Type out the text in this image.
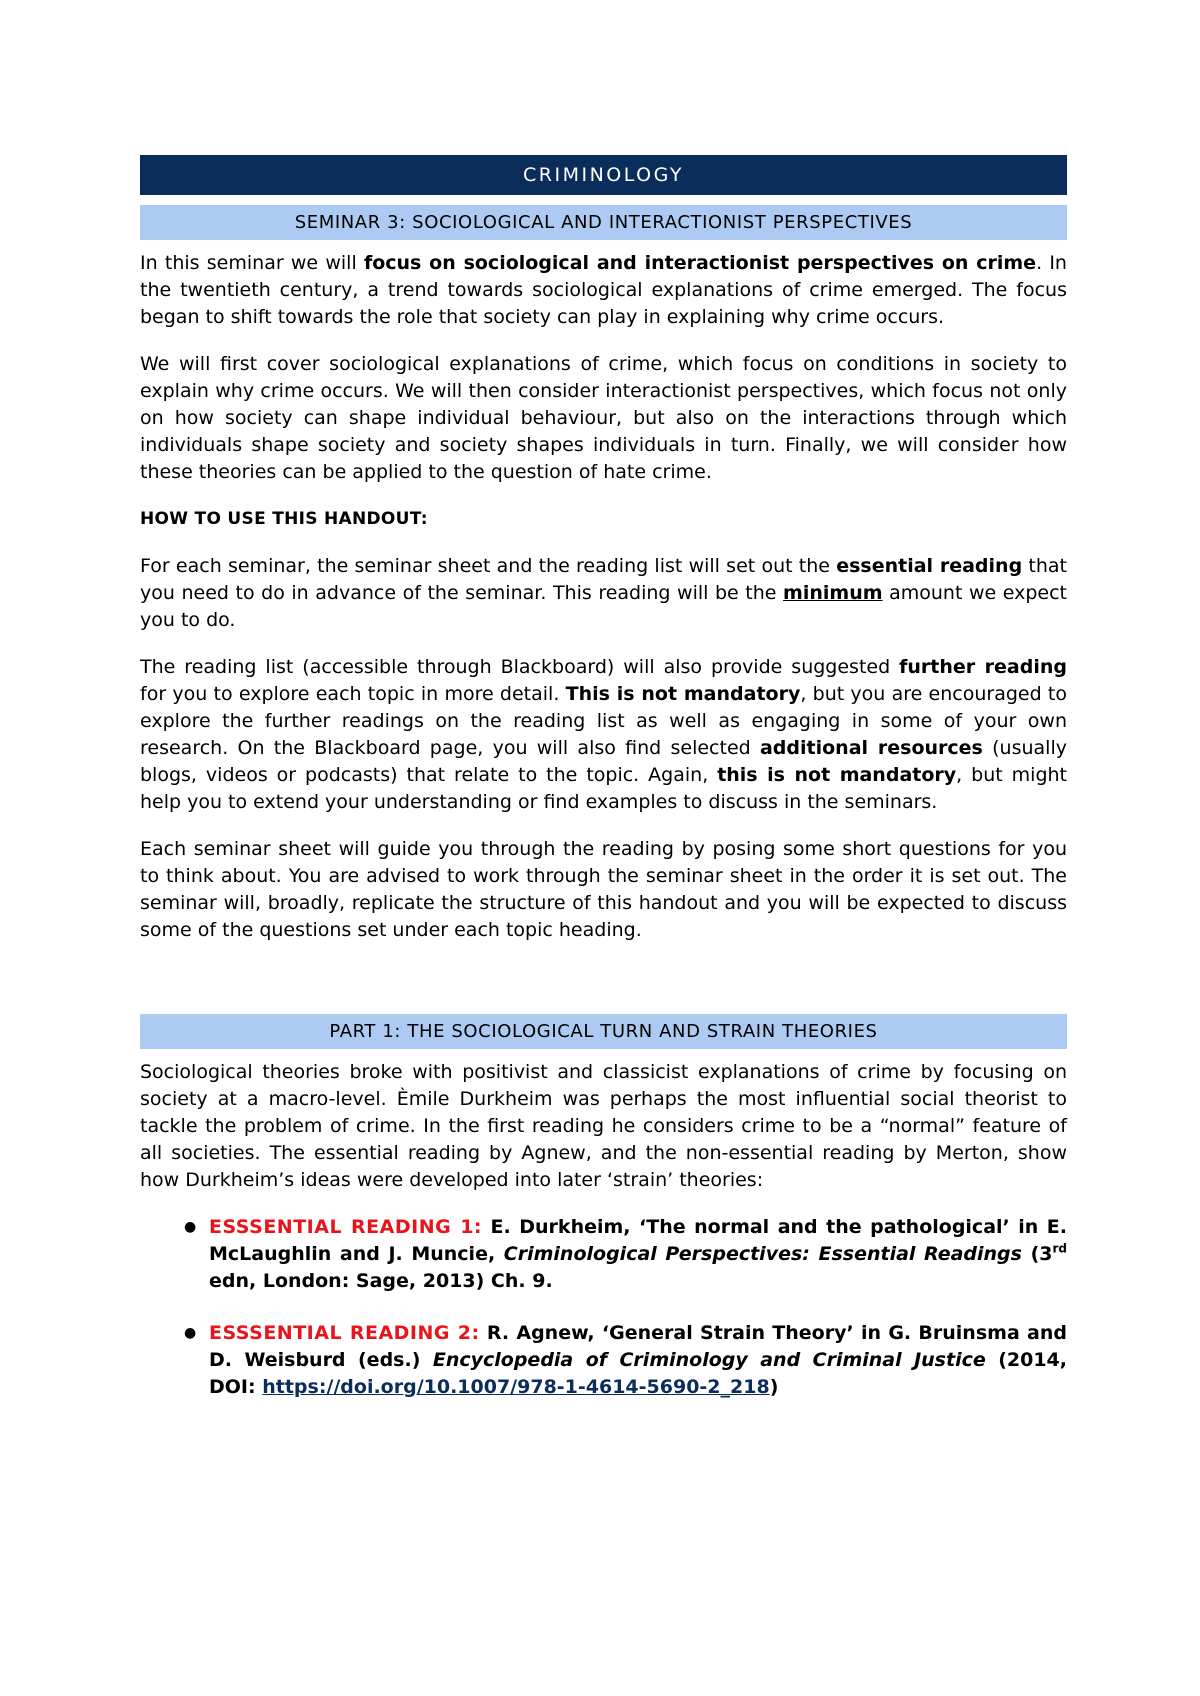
CRIMINOLOGY
SEMINAR 3: SOCIOLOGICAL AND INTERACTIONIST PERSPECTIVES

In this seminar we will focus on sociological and interactionist perspectives on crime. In the twentieth century, a trend towards sociological explanations of crime emerged. The focus began to shift towards the role that society can play in explaining why crime occurs.

We will first cover sociological explanations of crime, which focus on conditions in society to explain why crime occurs. We will then consider interactionist perspectives, which focus not only on how society can shape individual behaviour, but also on the interactions through which individuals shape society and society shapes individuals in turn. Finally, we will consider how these theories can be applied to the question of hate crime.

HOW TO USE THIS HANDOUT:

For each seminar, the seminar sheet and the reading list will set out the essential reading that you need to do in advance of the seminar. This reading will be the minimum amount we expect you to do.

The reading list (accessible through Blackboard) will also provide suggested further reading for you to explore each topic in more detail. This is not mandatory, but you are encouraged to explore the further readings on the reading list as well as engaging in some of your own research. On the Blackboard page, you will also find selected additional resources (usually blogs, videos or podcasts) that relate to the topic. Again, this is not mandatory, but might help you to extend your understanding or find examples to discuss in the seminars.

Each seminar sheet will guide you through the reading by posing some short questions for you to think about. You are advised to work through the seminar sheet in the order it is set out. The seminar will, broadly, replicate the structure of this handout and you will be expected to discuss some of the questions set under each topic heading.

PART 1: THE SOCIOLOGICAL TURN AND STRAIN THEORIES

Sociological theories broke with positivist and classicist explanations of crime by focusing on society at a macro-level. Èmile Durkheim was perhaps the most influential social theorist to tackle the problem of crime. In the first reading he considers crime to be a “normal” feature of all societies. The essential reading by Agnew, and the non-essential reading by Merton, show how Durkheim’s ideas were developed into later ‘strain’ theories:

● ESSSENTIAL READING 1: E. Durkheim, ‘The normal and the pathological’ in E. McLaughlin and J. Muncie, Criminological Perspectives: Essential Readings (3rd edn, London: Sage, 2013) Ch. 9.
● ESSSENTIAL READING 2: R. Agnew, ‘General Strain Theory’ in G. Bruinsma and D. Weisburd (eds.) Encyclopedia of Criminology and Criminal Justice (2014, DOI: https://doi.org/10.1007/978-1-4614-5690-2_218)
